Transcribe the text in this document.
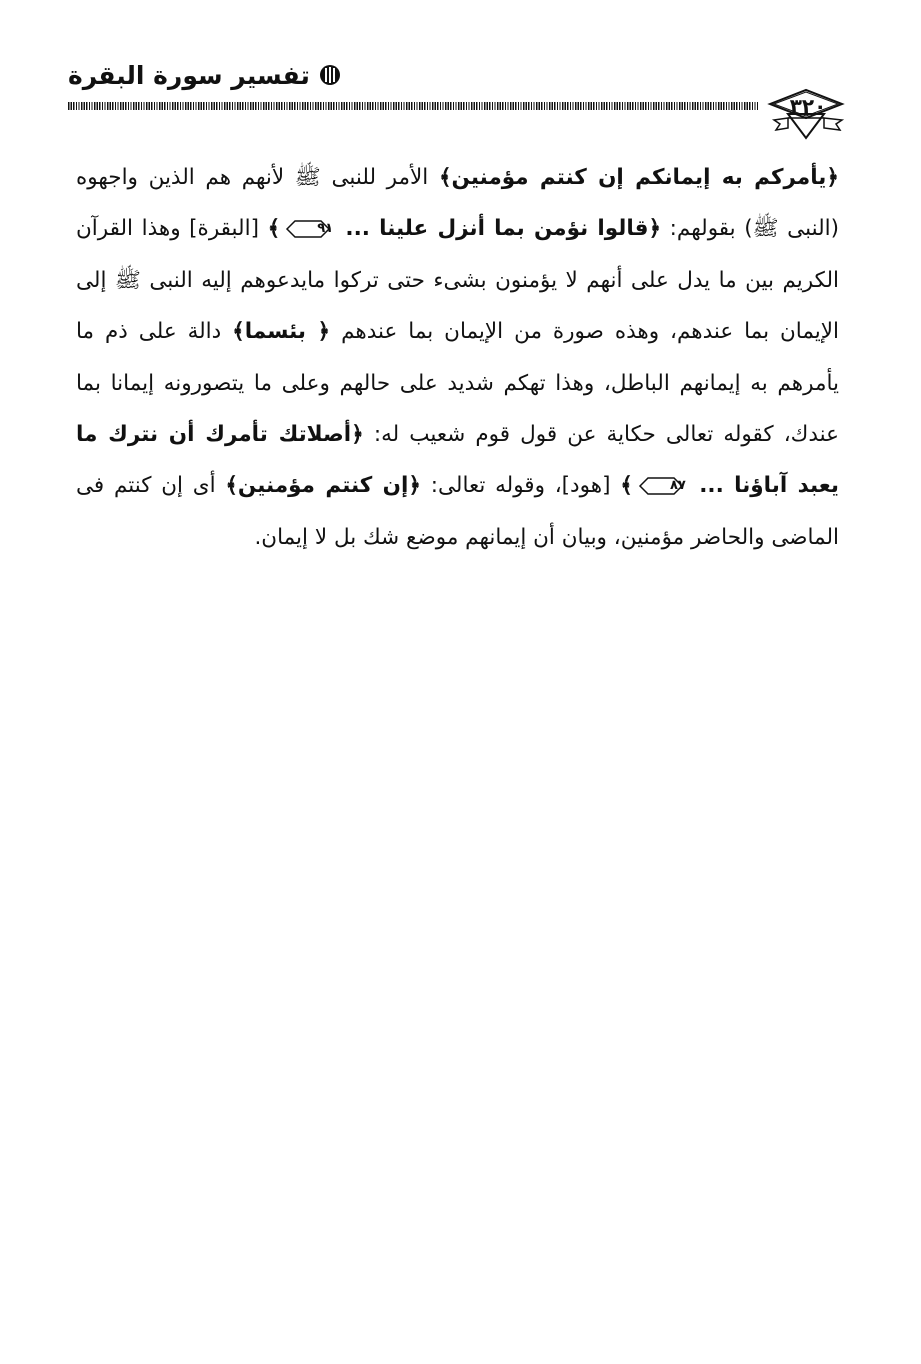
تفسير سورة البقرة
٣٢٠
﴿يأمركم به إيمانكم إن كنتم مؤمنين﴾ الأمر للنبى ﷺ لأنهم هم الذين واجهوه (النبى ﷺ) بقولهم: ﴿قالوا نؤمن بما أنزل علينا ...
٩١
﴾ [البقرة] وهذا القرآن الكريم بين ما يدل على أنهم لا يؤمنون بشىء حتى تركوا مايدعوهم إليه النبى ﷺ إلى الإيمان بما عندهم، وهذه صورة من الإيمان بما عندهم ﴿ بئسما﴾ دالة على ذم ما يأمرهم به إيمانهم الباطل، وهذا تهكم شديد على حالهم وعلى ما يتصورونه إيمانا بما عندك، كقوله تعالى حكاية عن قول قوم شعيب له: ﴿أصلاتك تأمرك أن نترك ما يعبد آباؤنا ...
٨٧
﴾ [هود]، وقوله تعالى: ﴿إن كنتم مؤمنين﴾ أى إن كنتم فى الماضى والحاضر مؤمنين، وبيان أن إيمانهم موضع شك بل لا إيمان.
